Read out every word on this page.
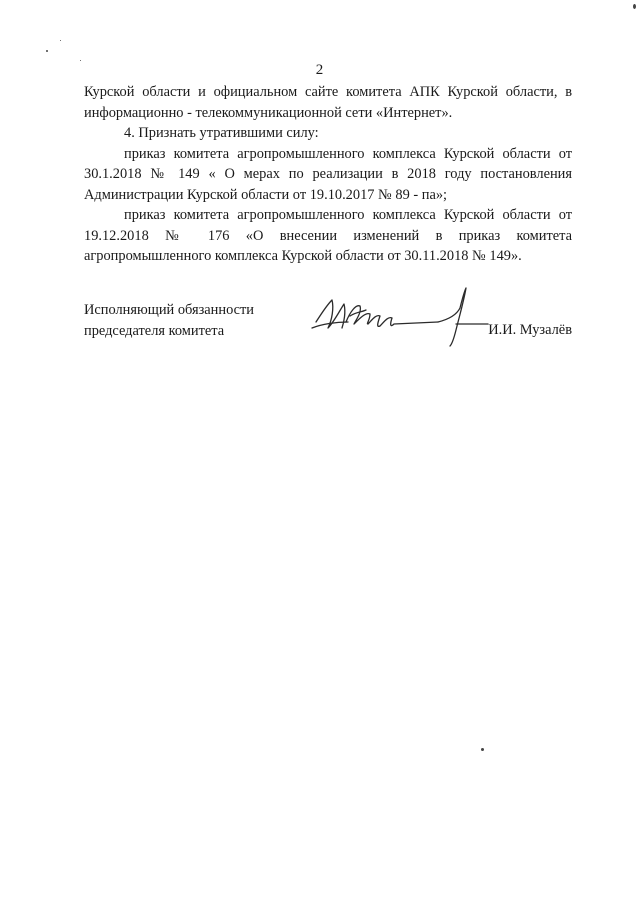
2
Курской области и официальном сайте комитета АПК Курской области, в
информационно - телекоммуникационной сети «Интернет».
4. Признать утратившими силу:
приказ комитета агропромышленного комплекса Курской области от
30.1.2018 № 149 « О мерах по реализации в 2018 году постановления
Администрации Курской области от 19.10.2017 № 89 - па»;
приказ комитета агропромышленного комплекса Курской области от
19.12.2018 № 176 «О внесении изменений в приказ комитета
агропромышленного комплекса Курской области от 30.11.2018 № 149».
Исполняющий обязанности
председателя комитета	И.И. Музалёв
